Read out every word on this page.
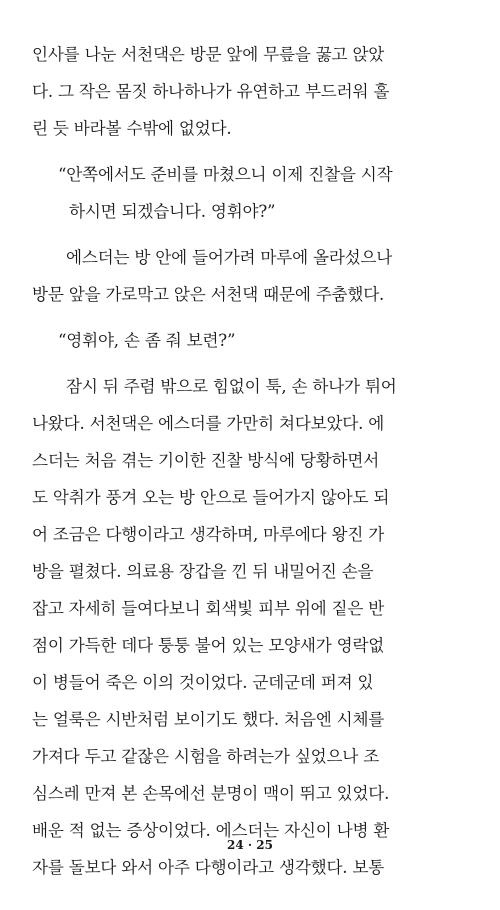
인사를 나눈 서천댁은 방문 앞에 무릎을 꿇고 앉았
다. 그 작은 몸짓 하나하나가 유연하고 부드러워 홀
린 듯 바라볼 수밖에 없었다.
“안쪽에서도 준비를 마쳤으니 이제 진찰을 시작
하시면 되겠습니다. 영휘야?”
에스더는 방 안에 들어가려 마루에 올라섰으나
방문 앞을 가로막고 앉은 서천댁 때문에 주춤했다.
“영휘야, 손 좀 줘 보련?”
잠시 뒤 주렴 밖으로 힘없이 툭, 손 하나가 튀어
나왔다. 서천댁은 에스더를 가만히 쳐다보았다. 에
스더는 처음 겪는 기이한 진찰 방식에 당황하면서
도 악취가 풍겨 오는 방 안으로 들어가지 않아도 되
어 조금은 다행이라고 생각하며, 마루에다 왕진 가
방을 펼쳤다. 의료용 장갑을 낀 뒤 내밀어진 손을
잡고 자세히 들여다보니 회색빛 피부 위에 짙은 반
점이 가득한 데다 퉁퉁 불어 있는 모양새가 영락없
이 병들어 죽은 이의 것이었다. 군데군데 퍼져 있
는 얼룩은 시반처럼 보이기도 했다. 처음엔 시체를
가져다 두고 같잖은 시험을 하려는가 싶었으나 조
심스레 만져 본 손목에선 분명이 맥이 뛰고 있었다.
배운 적 없는 증상이었다. 에스더는 자신이 나병 환
자를 돌보다 와서 아주 다행이라고 생각했다. 보통
24 · 25
